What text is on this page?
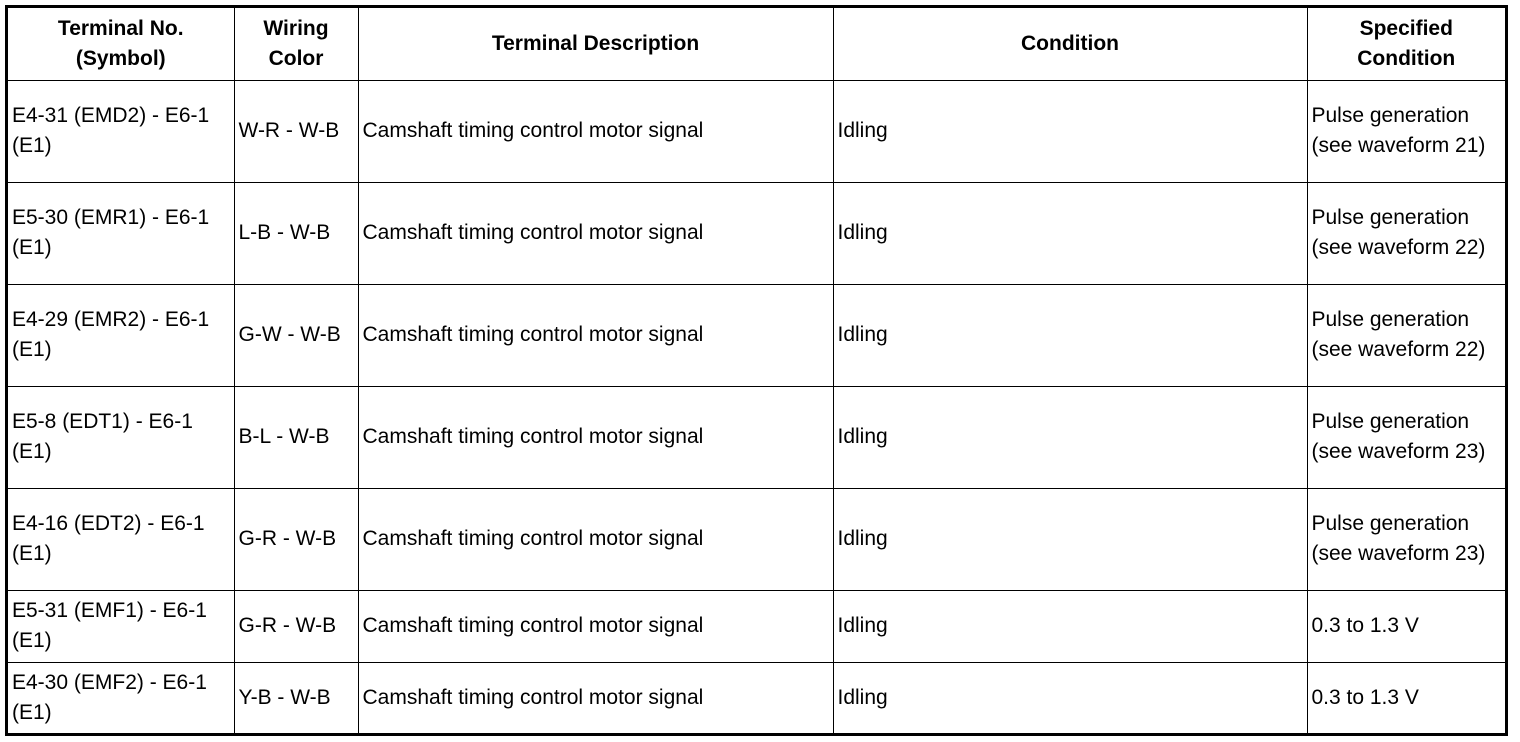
Terminal No. (Symbol)	Wiring Color	Terminal Description	Condition	Specified Condition
E4-31 (EMD2) - E6-1 (E1)	W-R - W-B	Camshaft timing control motor signal	Idling	Pulse generation (see waveform 21)
E5-30 (EMR1) - E6-1 (E1)	L-B - W-B	Camshaft timing control motor signal	Idling	Pulse generation (see waveform 22)
E4-29 (EMR2) - E6-1 (E1)	G-W - W-B	Camshaft timing control motor signal	Idling	Pulse generation (see waveform 22)
E5-8 (EDT1) - E6-1 (E1)	B-L - W-B	Camshaft timing control motor signal	Idling	Pulse generation (see waveform 23)
E4-16 (EDT2) - E6-1 (E1)	G-R - W-B	Camshaft timing control motor signal	Idling	Pulse generation (see waveform 23)
E5-31 (EMF1) - E6-1 (E1)	G-R - W-B	Camshaft timing control motor signal	Idling	0.3 to 1.3 V
E4-30 (EMF2) - E6-1 (E1)	Y-B - W-B	Camshaft timing control motor signal	Idling	0.3 to 1.3 V
